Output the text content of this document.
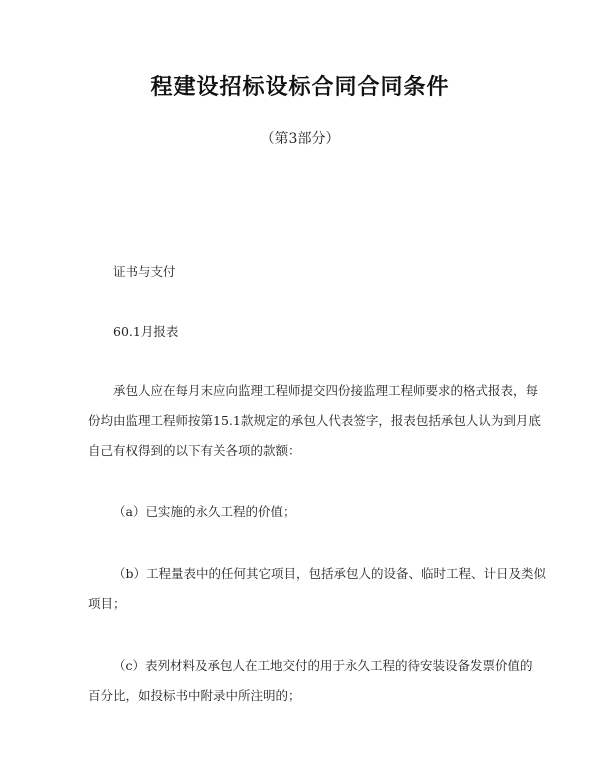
程建设招标设标合同合同条件
（第3部分）
证书与支付
60.1月报表
承包人应在每月末应向监理工程师提交四份接监理工程师要求的格式报表，每
份均由监理工程师按第15.1款规定的承包人代表签字，报表包括承包人认为到月底
自己有权得到的以下有关各项的款额：
（a）已实施的永久工程的价值；
（b）工程量表中的任何其它项目，包括承包人的设备、临时工程、计日及类似
项目；
（c）表列材料及承包人在工地交付的用于永久工程的待安装设备发票价值的
百分比，如投标书中附录中所注明的；
